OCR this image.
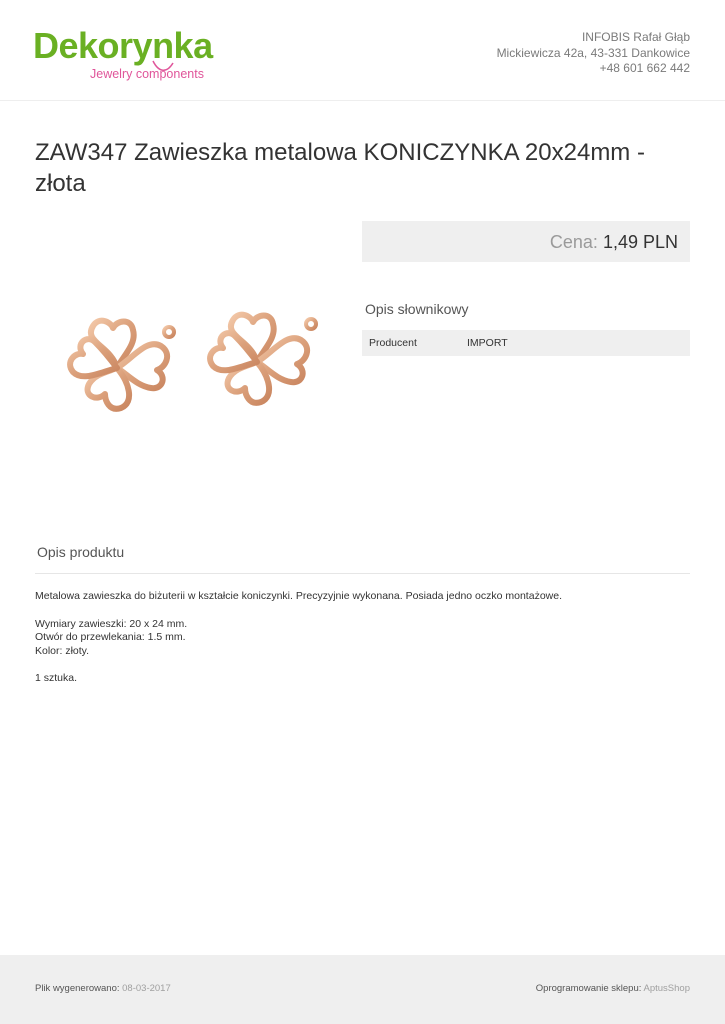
Dekorynka
Jewelry components
INFOBIS Rafał Głąb
Mickiewicza 42a, 43-331 Dankowice
+48 601 662 442
ZAW347 Zawieszka metalowa KONICZYNKA 20x24mm - złota
Cena: 1,49 PLN
Opis słownikowy
Producent	IMPORT
Opis produktu

Metalowa zawieszka do biżuterii w kształcie koniczynki. Precyzyjnie wykonana. Posiada jedno oczko montażowe.

Wymiary zawieszki: 20 x 24 mm.

Otwór do przewlekania: 1.5 mm.

Kolor: złoty.

1 sztuka.

Plik wygenerowano: 08-03-2017	Oprogramowanie sklepu: AptusShop
